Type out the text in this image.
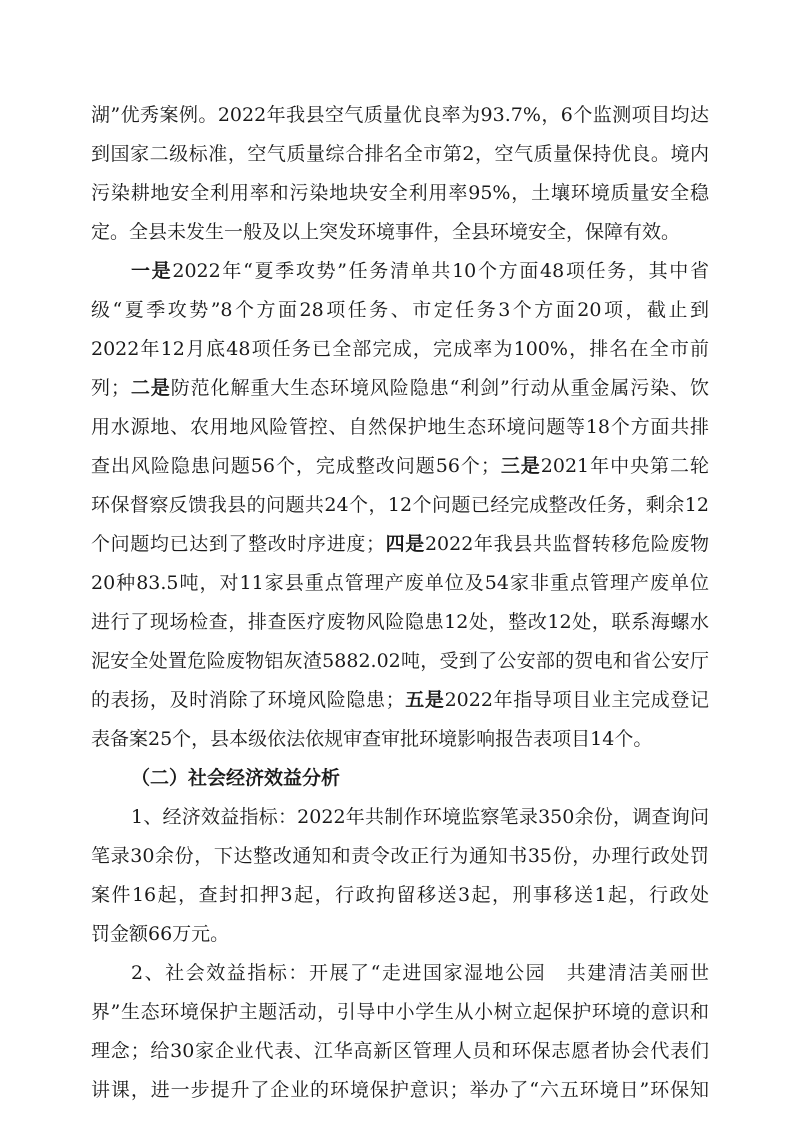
湖”优秀案例。2022年我县空气质量优良率为93.7%，6个监测项目均达
到国家二级标准，空气质量综合排名全市第2，空气质量保持优良。境内
污染耕地安全利用率和污染地块安全利用率95%，土壤环境质量安全稳
定。全县未发生一般及以上突发环境事件，全县环境安全，保障有效。
一是2022年“夏季攻势”任务清单共10个方面48项任务，其中省
级“夏季攻势”8个方面28项任务、市定任务3个方面20项，截止到
2022年12月底48项任务已全部完成，完成率为100%，排名在全市前
列；二是防范化解重大生态环境风险隐患“利剑”行动从重金属污染、饮
用水源地、农用地风险管控、自然保护地生态环境问题等18个方面共排
查出风险隐患问题56个，完成整改问题56个；三是2021年中央第二轮
环保督察反馈我县的问题共24个，12个问题已经完成整改任务，剩余12
个问题均已达到了整改时序进度；四是2022年我县共监督转移危险废物
20种83.5吨，对11家县重点管理产废单位及54家非重点管理产废单位
进行了现场检查，排查医疗废物风险隐患12处，整改12处，联系海螺水
泥安全处置危险废物铝灰渣5882.02吨，受到了公安部的贺电和省公安厅
的表扬，及时消除了环境风险隐患；五是2022年指导项目业主完成登记
表备案25个，县本级依法依规审查审批环境影响报告表项目14个。
（二）社会经济效益分析
1、经济效益指标：2022年共制作环境监察笔录350余份，调查询问
笔录30余份，下达整改通知和责令改正行为通知书35份，办理行政处罚
案件16起，查封扣押3起，行政拘留移送3起，刑事移送1起，行政处
罚金额66万元。
2、社会效益指标：开展了“走进国家湿地公园　共建清洁美丽世
界”生态环境保护主题活动，引导中小学生从小树立起保护环境的意识和
理念；给30家企业代表、江华高新区管理人员和环保志愿者协会代表们
讲课，进一步提升了企业的环境保护意识；举办了“六五环境日”环保知
